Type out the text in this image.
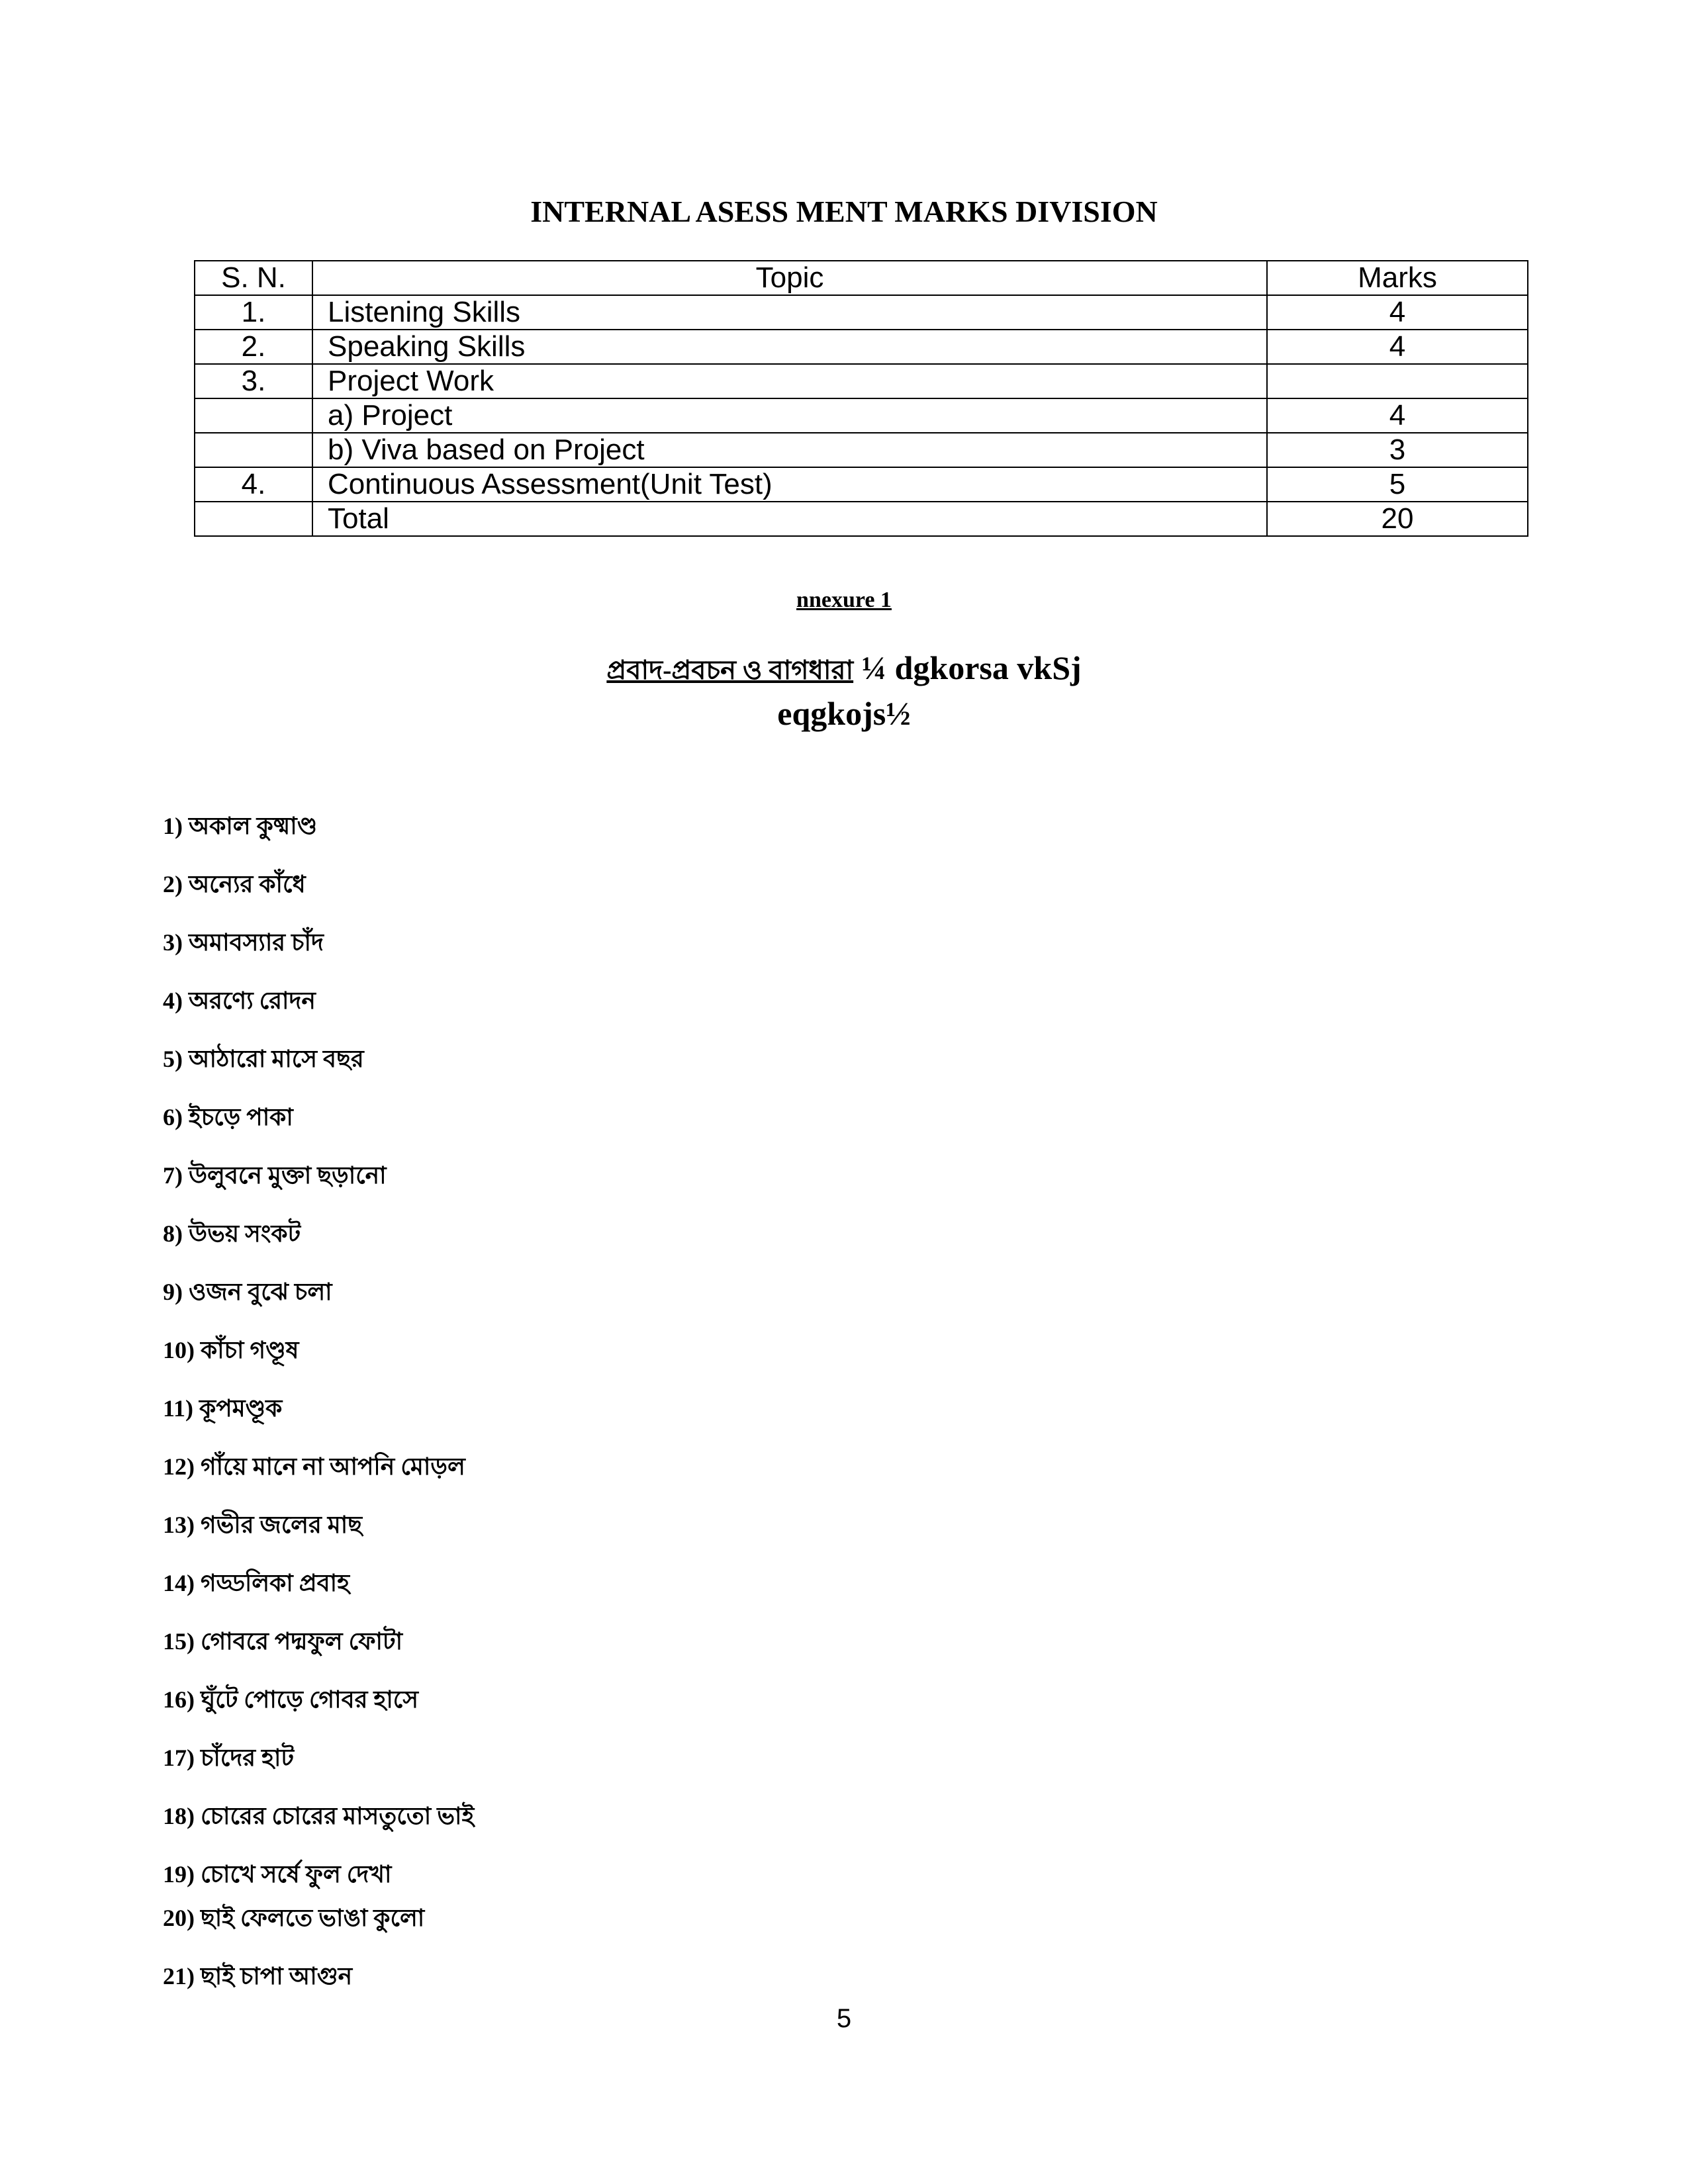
INTERNAL ASESS MENT MARKS DIVISION
S. N.	Topic	Marks
1.	Listening Skills	4
2.	Speaking Skills	4
3.	Project Work	
	a) Project	4
	b) Viva based on Project	3
4.	Continuous Assessment(Unit Test)	5
	Total	20
nnexure 1
প্রবাদ-প্রবচন ও বাগধারা ¼ dgkorsa vkSj
eqgkojs½
1) অকাল কুষ্মাণ্ড
2) অন্যের কাঁধে
3) অমাবস্যার চাঁদ
4) অরণ্যে রোদন
5) আঠারো মাসে বছর
6) ইচড়ে পাকা
7) উলুবনে মুক্তা ছড়ানো
8) উভয় সংকট
9) ওজন বুঝে চলা
10) কাঁচা গণ্ডূষ
11) কূপমণ্ডূক
12) গাঁয়ে মানে না আপনি মোড়ল
13) গভীর জলের মাছ
14) গড্ডলিকা প্রবাহ
15) গোবরে পদ্মফুল ফোটা
16) ঘুঁটে পোড়ে গোবর হাসে
17) চাঁদের হাট
18) চোরের চোরের মাসতুতো ভাই
19) চোখে সর্ষে ফুল দেখা
20) ছাই ফেলতে ভাঙা কুলো
21) ছাই চাপা আগুন
5
